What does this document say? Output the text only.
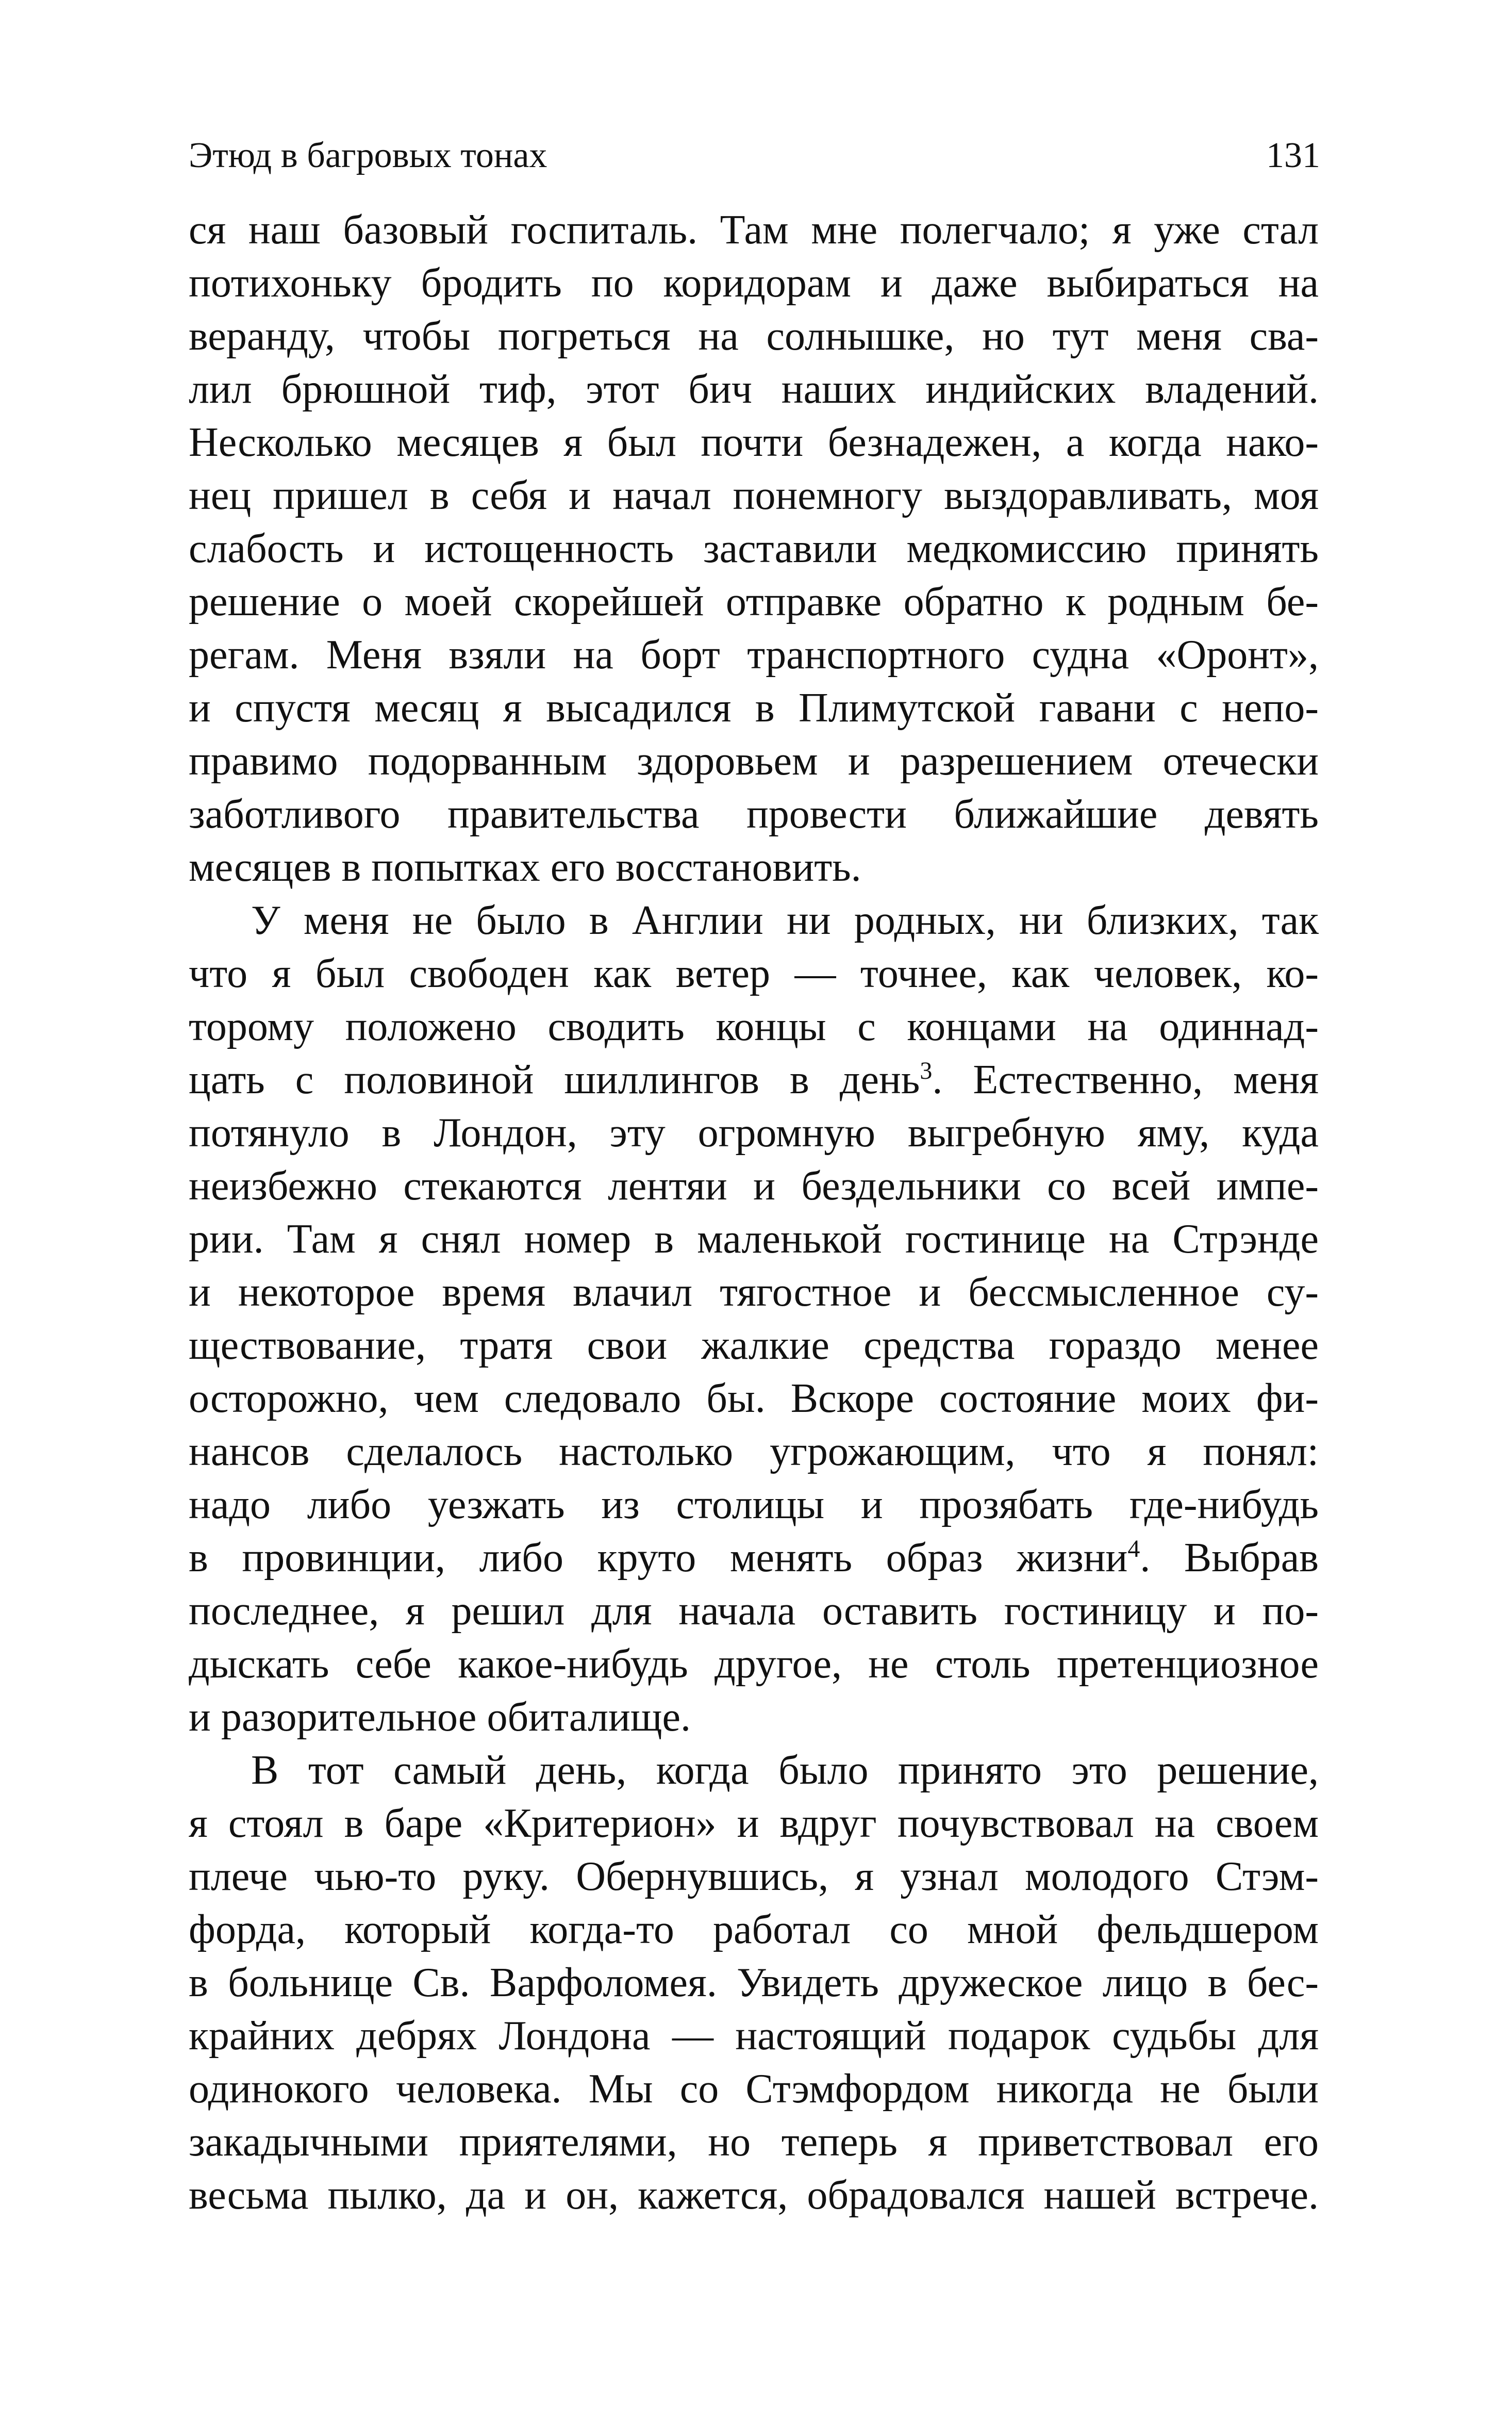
Этюд в багровых тонах	131
ся наш базовый госпиталь. Там мне полегчало; я уже стал
потихоньку бродить по коридорам и даже выбираться на
веранду, чтобы погреться на солнышке, но тут меня сва-
лил брюшной тиф, этот бич наших индийских владений.
Несколько месяцев я был почти безнадежен, а когда нако-
нец пришел в себя и начал понемногу выздоравливать, моя
слабость и истощенность заставили медкомиссию принять
решение о моей скорейшей отправке обратно к родным бе-
регам. Меня взяли на борт транспортного судна «Оронт»,
и спустя месяц я высадился в Плимутской гавани с непо-
правимо подорванным здоровьем и разрешением отечески
заботливого правительства провести ближайшие девять
месяцев в попытках его восстановить.
У меня не было в Англии ни родных, ни близких, так
что я был свободен как ветер — точнее, как человек, ко-
торому положено сводить концы с концами на одиннад-
цать с половиной шиллингов в день$^3$. Естественно, меня
потянуло в Лондон, эту огромную выгребную яму, куда
неизбежно стекаются лентяи и бездельники со всей импе-
рии. Там я снял номер в маленькой гостинице на Стрэнде
и некоторое время влачил тягостное и бессмысленное су-
ществование, тратя свои жалкие средства гораздо менее
осторожно, чем следовало бы. Вскоре состояние моих фи-
нансов сделалось настолько угрожающим, что я понял:
надо либо уезжать из столицы и прозябать где-нибудь
в провинции, либо круто менять образ жизни$^4$. Выбрав
последнее, я решил для начала оставить гостиницу и по-
дыскать себе какое-нибудь другое, не столь претенциозное
и разорительное обиталище.
В тот самый день, когда было принято это решение,
я стоял в баре «Критерион» и вдруг почувствовал на своем
плече чью-то руку. Обернувшись, я узнал молодого Стэм-
форда, который когда-то работал со мной фельдшером
в больнице Св. Варфоломея. Увидеть дружеское лицо в бес-
крайних дебрях Лондона — настоящий подарок судьбы для
одинокого человека. Мы со Стэмфордом никогда не были
закадычными приятелями, но теперь я приветствовал его
весьма пылко, да и он, кажется, обрадовался нашей встрече.
